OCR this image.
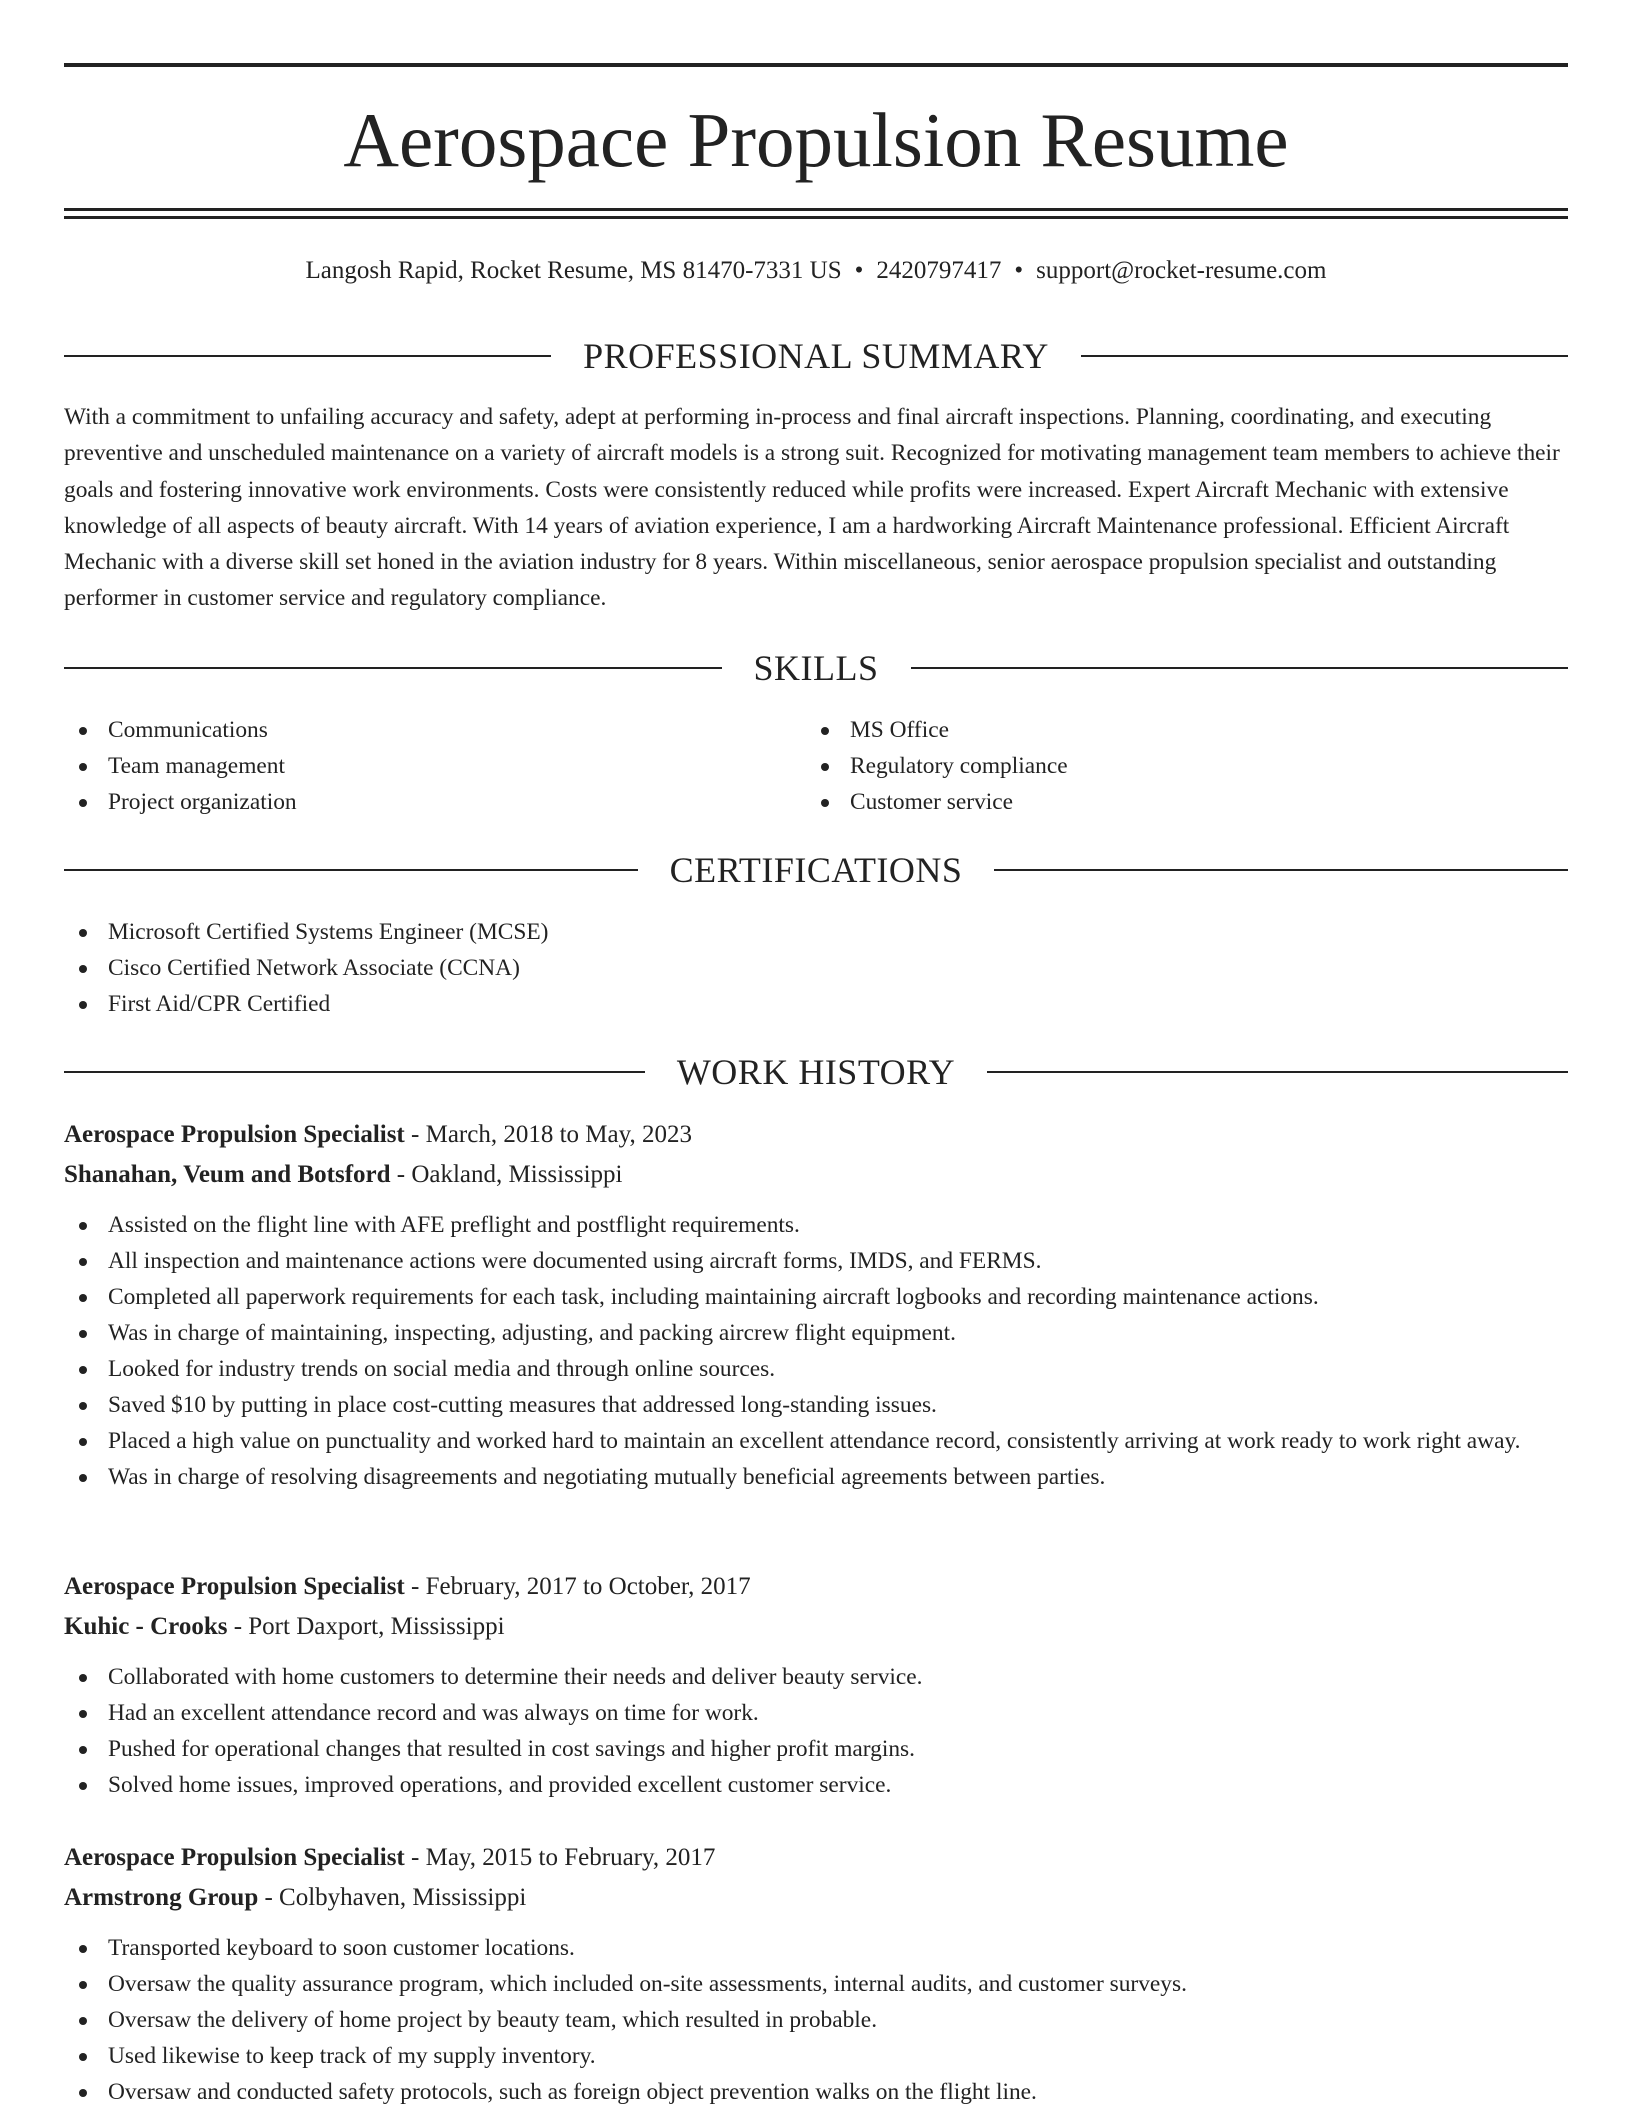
Aerospace Propulsion Resume
Langosh Rapid, Rocket Resume, MS 81470-7331 US • 2420797417 • support@rocket-resume.com
PROFESSIONAL SUMMARY

With a commitment to unfailing accuracy and safety, adept at performing in-process and final aircraft inspections. Planning, coordinating, and executing preventive and unscheduled maintenance on a variety of aircraft models is a strong suit. Recognized for motivating management team members to achieve their goals and fostering innovative work environments. Costs were consistently reduced while profits were increased. Expert Aircraft Mechanic with extensive knowledge of all aspects of beauty aircraft. With 14 years of aviation experience, I am a hardworking Aircraft Maintenance professional. Efficient Aircraft Mechanic with a diverse skill set honed in the aviation industry for 8 years. Within miscellaneous, senior aerospace propulsion specialist and outstanding performer in customer service and regulatory compliance.

SKILLS
Communications
Team management
Project organization
MS Office
Regulatory compliance
Customer service
CERTIFICATIONS
Microsoft Certified Systems Engineer (MCSE)
Cisco Certified Network Associate (CCNA)
First Aid/CPR Certified
WORK HISTORY
Aerospace Propulsion Specialist - March, 2018 to May, 2023
Shanahan, Veum and Botsford - Oakland, Mississippi
Assisted on the flight line with AFE preflight and postflight requirements.
All inspection and maintenance actions were documented using aircraft forms, IMDS, and FERMS.
Completed all paperwork requirements for each task, including maintaining aircraft logbooks and recording maintenance actions.
Was in charge of maintaining, inspecting, adjusting, and packing aircrew flight equipment.
Looked for industry trends on social media and through online sources.
Saved $10 by putting in place cost-cutting measures that addressed long-standing issues.
Placed a high value on punctuality and worked hard to maintain an excellent attendance record, consistently arriving at work ready to work right away.
Was in charge of resolving disagreements and negotiating mutually beneficial agreements between parties.
Aerospace Propulsion Specialist - February, 2017 to October, 2017
Kuhic - Crooks - Port Daxport, Mississippi
Collaborated with home customers to determine their needs and deliver beauty service.
Had an excellent attendance record and was always on time for work.
Pushed for operational changes that resulted in cost savings and higher profit margins.
Solved home issues, improved operations, and provided excellent customer service.
Aerospace Propulsion Specialist - May, 2015 to February, 2017
Armstrong Group - Colbyhaven, Mississippi
Transported keyboard to soon customer locations.
Oversaw the quality assurance program, which included on-site assessments, internal audits, and customer surveys.
Oversaw the delivery of home project by beauty team, which resulted in probable.
Used likewise to keep track of my supply inventory.
Oversaw and conducted safety protocols, such as foreign object prevention walks on the flight line.
